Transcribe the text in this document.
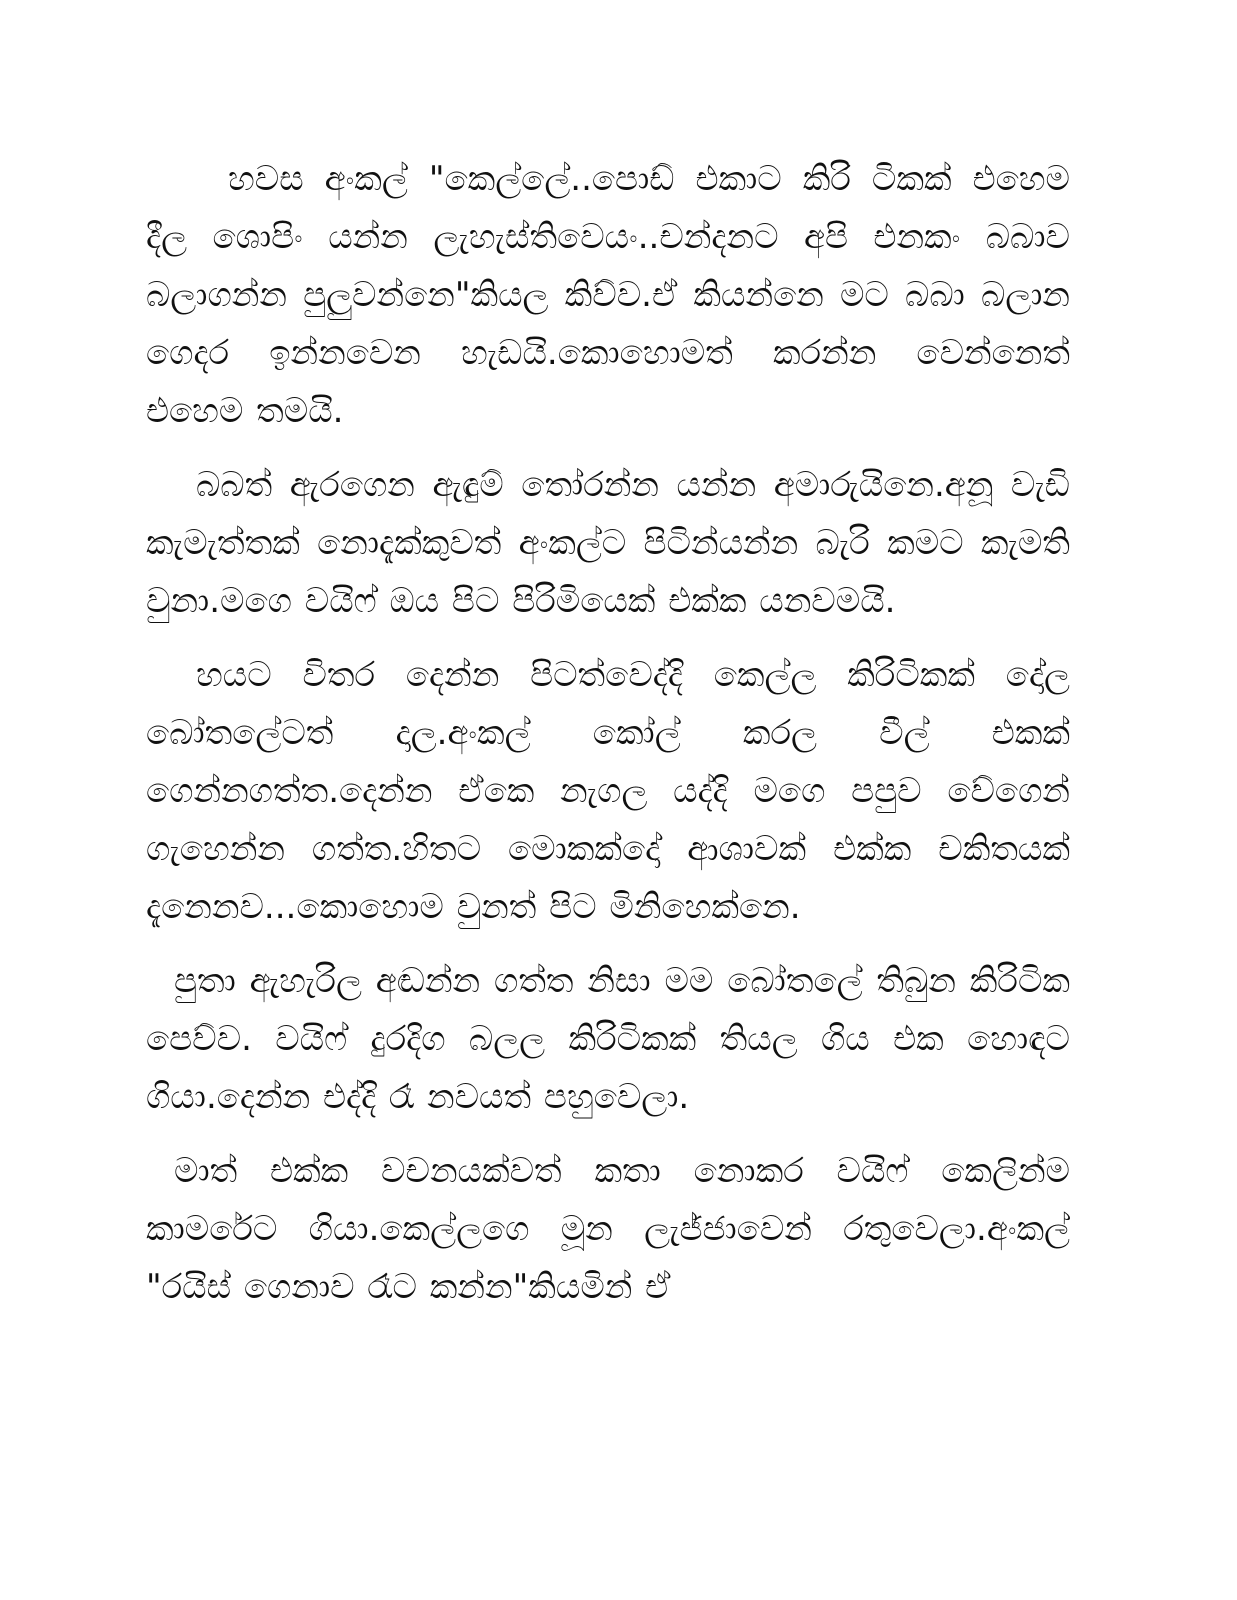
හවස අංකල් "කෙල්ලේ..පොඩ් එකාට කිරි ටිකක් එහෙම දීල ශොපිං යන්න ලැහැස්තිවෙයං..චන්දනට අපි එනකං බබාව බලාගන්න පුලුවන්නෙ"කියල කිව්ව.ඒ කියන්නෙ මට බබා බලාන ගෙදර ඉන්නවෙන හැඩයි.කොහොමත් කරන්න වෙන්නෙත් එහෙම තමයි.

බබත් ඇරගෙන ඇඳුම් තෝරන්න යන්න අමාරුයිනෙ.අනූ වැඩි කැමැත්තක් නොදැක්කුවත් අංකල්ට පිටින්යන්න බැරි කමට කැමති වුනා.මගෙ වයිෆ් ඔය පිට පිරිමියෙක් එක්ක යනවමයි.

හයට විතර දෙන්න පිටත්වෙද්දි කෙල්ල කිරිටිකක් දෝල බෝතලේටත් දාල.අංකල් කෝල් කරල වීල් එකක් ගෙන්නගත්ත.දෙන්න ඒකෙ නැගල යද්දි මගෙ පපුව වේගෙන් ගැහෙන්න ගත්ත.හිතට මොකක්දෝ ආශාවක් එක්ක චකිතයක් දැනෙනව...කොහොම වුනත් පිට මිනිහෙක්නෙ.

පුතා ඇහැරිල අඬන්න ගත්ත නිසා මම බෝතලේ තිබුන කිරිටික පෙව්ව. වයිෆ් දුරදිග බලල කිරිටිකක් තියල ගිය එක හොඳට ගියා.දෙන්න එද්දි රෑ නවයත් පහුවෙලා.

මාත් එක්ක වචනයක්වත් කතා නොකර වයිෆ් කෙලින්ම කාමරේට ගියා.කෙල්ලගෙ මූන ලැජ්ජාවෙන් රතුවෙලා.අංකල් "රයිස් ගෙනාව රෑට කන්න"කියමින් ඒ
